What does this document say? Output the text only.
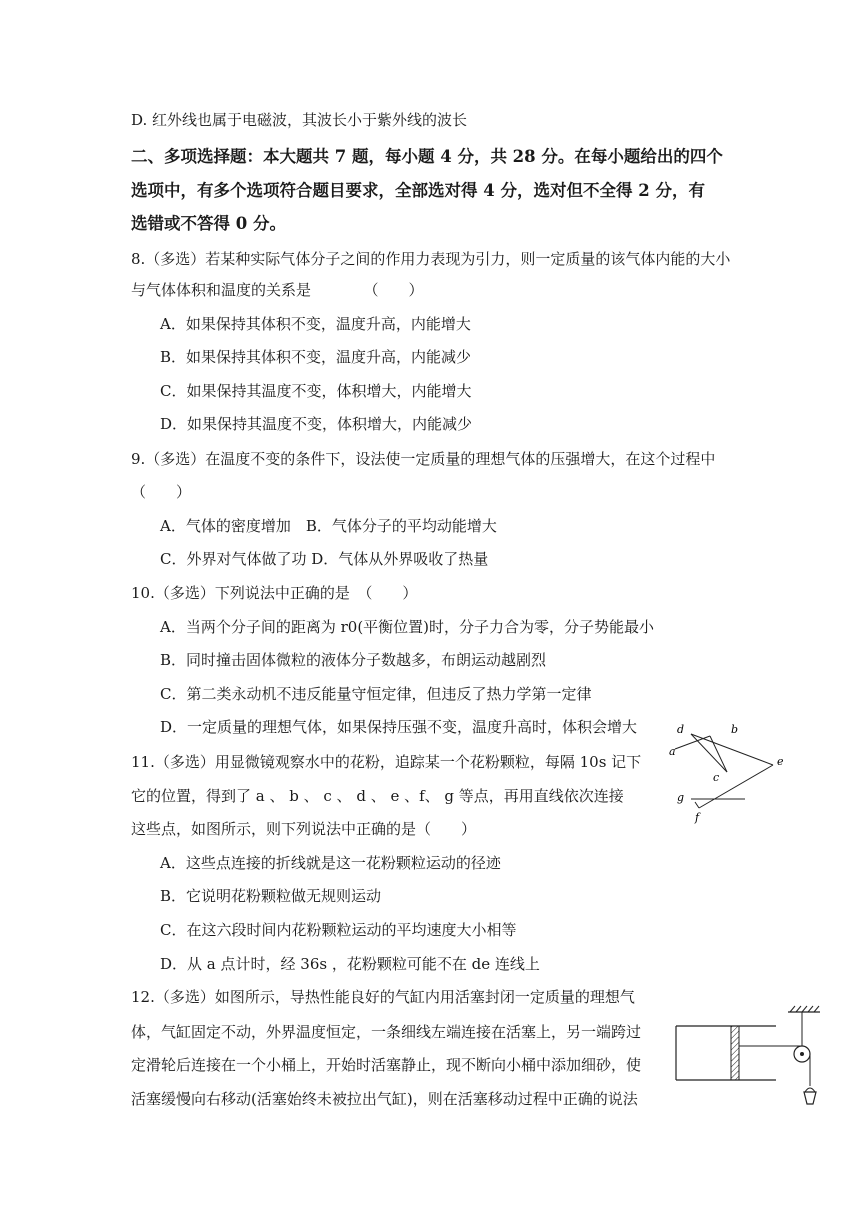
D. 红外线也属于电磁波，其波长小于紫外线的波长
二、多项选择题：本大题共 7 题，每小题 4 分，共 28 分。在每小题给出的四个
选项中，有多个选项符合题目要求，全部选对得 4 分，选对但不全得 2 分，有
选错或不答得 0 分。
8.（多选）若某种实际气体分子之间的作用力表现为引力，则一定质量的该气体内能的大小
与气体体积和温度的关系是　　　　（　　）
A．如果保持其体积不变，温度升高，内能增大
B．如果保持其体积不变，温度升高，内能减少
C．如果保持其温度不变，体积增大，内能增大
D．如果保持其温度不变，体积增大，内能减少
9.（多选）在温度不变的条件下，设法使一定质量的理想气体的压强增大，在这个过程中
（　　）
A．气体的密度增加　B．气体分子的平均动能增大
C．外界对气体做了功 D．气体从外界吸收了热量
10.（多选）下列说法中正确的是　（　　）
A．当两个分子间的距离为 r0(平衡位置)时，分子力合为零，分子势能最小
B．同时撞击固体微粒的液体分子数越多，布朗运动越剧烈
C．第二类永动机不违反能量守恒定律，但违反了热力学第一定律
D．一定质量的理想气体，如果保持压强不变，温度升高时，体积会增大
11.（多选）用显微镜观察水中的花粉，追踪某一个花粉颗粒，每隔 10s 记下
它的位置，得到了 a 、 b 、 c 、 d 、 e 、f、 g 等点，再用直线依次连接
这些点，如图所示，则下列说法中正确的是（　　）
A．这些点连接的折线就是这一花粉颗粒运动的径迹
B．它说明花粉颗粒做无规则运动
C．在这六段时间内花粉颗粒运动的平均速度大小相等
D．从 a 点计时，经 36s ，花粉颗粒可能不在 de 连线上
12.（多选）如图所示，导热性能良好的气缸内用活塞封闭一定质量的理想气
体，气缸固定不动，外界温度恒定，一条细线左端连接在活塞上，另一端跨过
定滑轮后连接在一个小桶上，开始时活塞静止，现不断向小桶中添加细砂，使
活塞缓慢向右移动(活塞始终未被拉出气缸)，则在活塞移动过程中正确的说法
a
b
c
d
e
f
g
